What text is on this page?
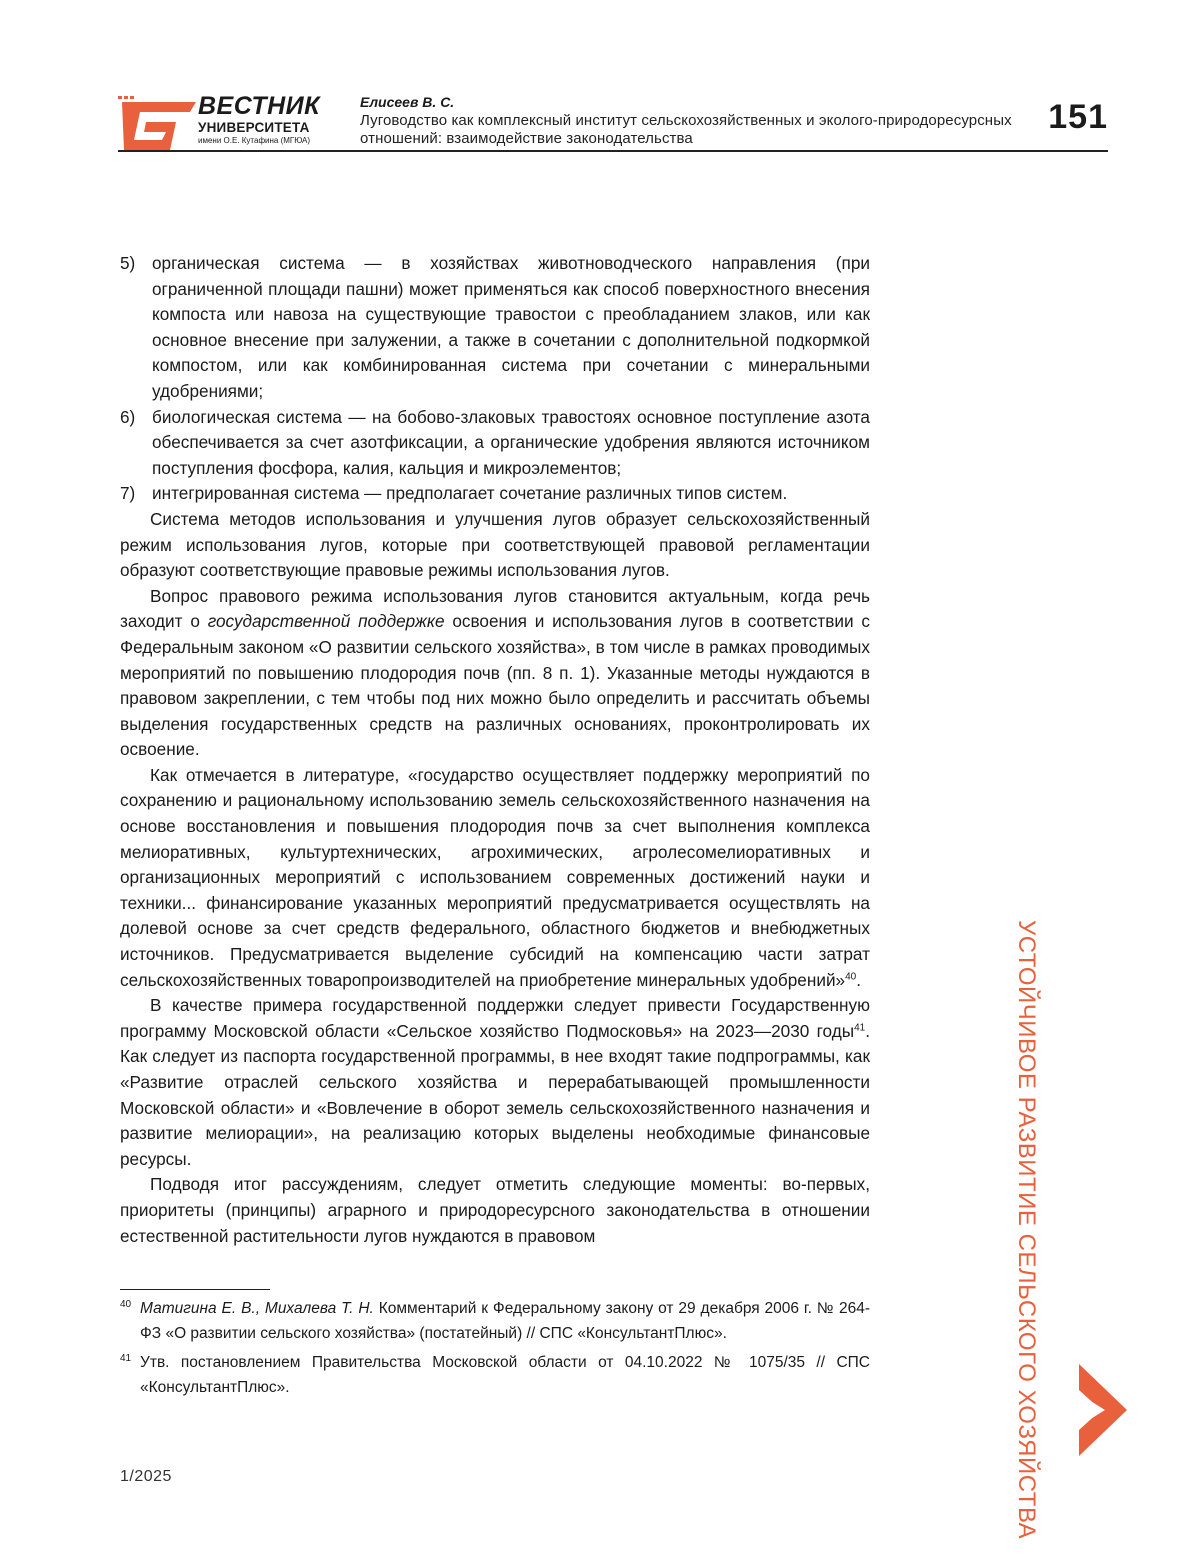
ВЕСТНИК
УНИВЕРСИТЕТА
имени О.Е. Кутафина (МГЮА)
Елисеев В. С.
Луговодство как комплексный институт сельскохозяйственных и эколого-природоресурсных отношений: взаимодействие законодательства
151
5) органическая система — в хозяйствах животноводческого направления (при ограниченной площади пашни) может применяться как способ поверхностного внесения компоста или навоза на существующие травостои с преобладанием злаков, или как основное внесение при залужении, а также в сочетании с дополнительной подкормкой компостом, или как комбинированная система при сочетании с минеральными удобрениями;
6) биологическая система — на бобово-злаковых травостоях основное поступление азота обеспечивается за счет азотфиксации, а органические удобрения являются источником поступления фосфора, калия, кальция и микроэлементов;
7) интегрированная система — предполагает сочетание различных типов систем.

Система методов использования и улучшения лугов образует сельскохозяйственный режим использования лугов, которые при соответствующей правовой регламентации образуют соответствующие правовые режимы использования лугов.

Вопрос правового режима использования лугов становится актуальным, когда речь заходит о государственной поддержке освоения и использования лугов в соответствии с Федеральным законом «О развитии сельского хозяйства», в том числе в рамках проводимых мероприятий по повышению плодородия почв (пп. 8 п. 1). Указанные методы нуждаются в правовом закреплении, с тем чтобы под них можно было определить и рассчитать объемы выделения государственных средств на различных основаниях, проконтролировать их освоение.

Как отмечается в литературе, «государство осуществляет поддержку мероприятий по сохранению и рациональному использованию земель сельскохозяйственного назначения на основе восстановления и повышения плодородия почв за счет выполнения комплекса мелиоративных, культуртехнических, агрохимических, агролесомелиоративных и организационных мероприятий с использованием современных достижений науки и техники... финансирование указанных мероприятий предусматривается осуществлять на долевой основе за счет средств федерального, областного бюджетов и внебюджетных источников. Предусматривается выделение субсидий на компенсацию части затрат сельскохозяйственных товаропроизводителей на приобретение минеральных удобрений»40.

В качестве примера государственной поддержки следует привести Государственную программу Московской области «Сельское хозяйство Подмосковья» на 2023—2030 годы41. Как следует из паспорта государственной программы, в нее входят такие подпрограммы, как «Развитие отраслей сельского хозяйства и перерабатывающей промышленности Московской области» и «Вовлечение в оборот земель сельскохозяйственного назначения и развитие мелиорации», на реализацию которых выделены необходимые финансовые ресурсы.

Подводя итог рассуждениям, следует отметить следующие моменты: во-первых, приоритеты (принципы) аграрного и природоресурсного законодательства в отношении естественной растительности лугов нуждаются в правовом

40 Матигина Е. В., Михалева Т. Н. Комментарий к Федеральному закону от 29 декабря 2006 г. № 264-ФЗ «О развитии сельского хозяйства» (постатейный) // СПС «КонсультантПлюс».
41 Утв. постановлением Правительства Московской области от 04.10.2022 № 1075/35 // СПС «КонсультантПлюс».
1/2025	УСТОЙЧИВОЕ РАЗВИТИЕ СЕЛЬСКОГО ХОЗЯЙСТВА
